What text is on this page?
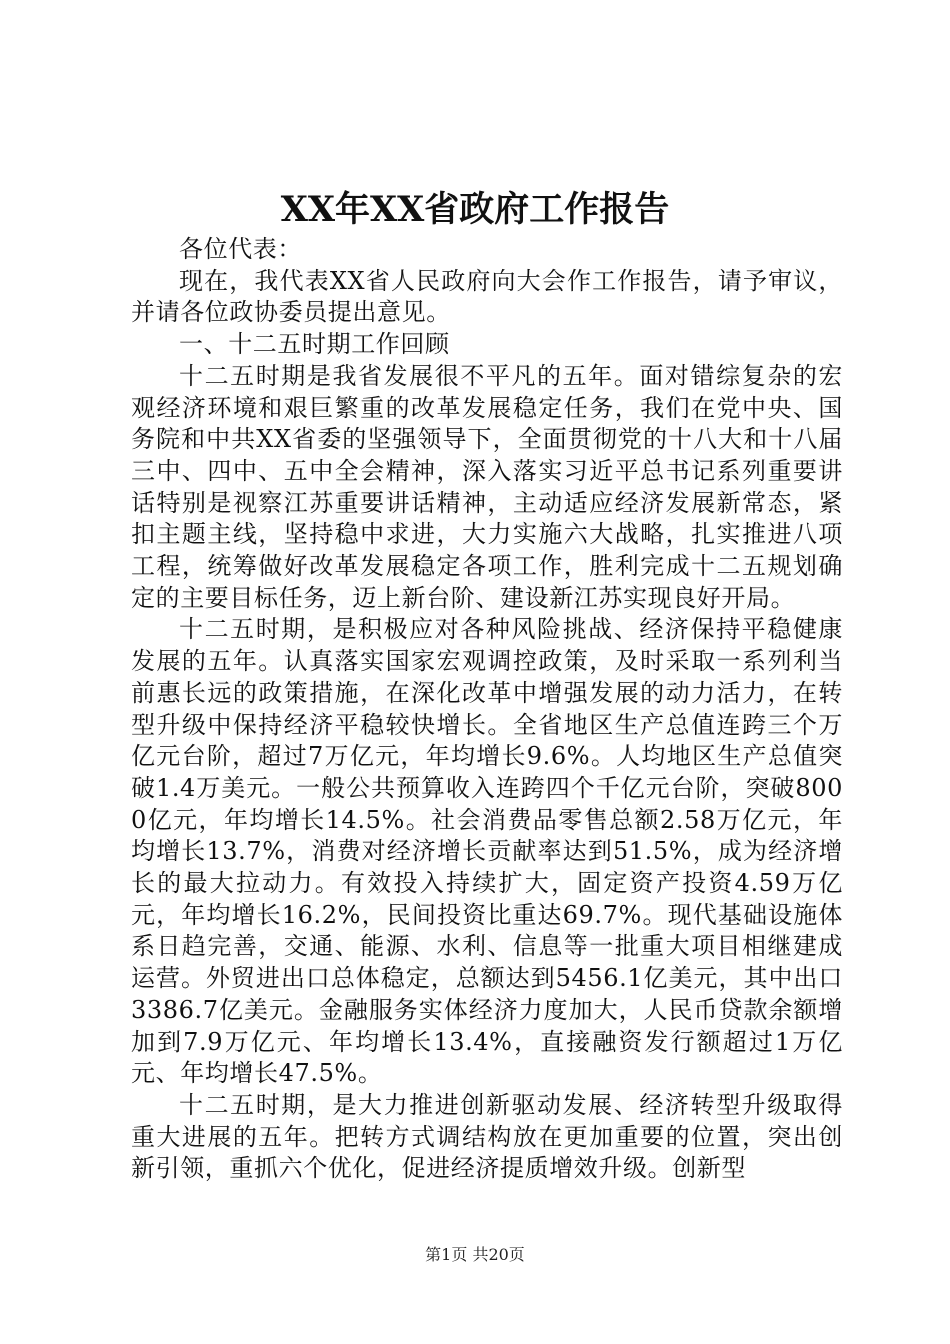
XX年XX省政府工作报告

各位代表：

现在，我代表XX省人民政府向大会作工作报告，请予审议，并请各位政协委员提出意见。

一、十二五时期工作回顾

十二五时期是我省发展很不平凡的五年。面对错综复杂的宏观经济环境和艰巨繁重的改革发展稳定任务，我们在党中央、国务院和中共XX省委的坚强领导下，全面贯彻党的十八大和十八届三中、四中、五中全会精神，深入落实习近平总书记系列重要讲话特别是视察江苏重要讲话精神，主动适应经济发展新常态，紧扣主题主线，坚持稳中求进，大力实施六大战略，扎实推进八项工程，统筹做好改革发展稳定各项工作，胜利完成十二五规划确定的主要目标任务，迈上新台阶、建设新江苏实现良好开局。

十二五时期，是积极应对各种风险挑战、经济保持平稳健康发展的五年。认真落实国家宏观调控政策，及时采取一系列利当前惠长远的政策措施，在深化改革中增强发展的动力活力，在转型升级中保持经济平稳较快增长。全省地区生产总值连跨三个万亿元台阶，超过7万亿元，年均增长9.6%。人均地区生产总值突破1.4万美元。一般公共预算收入连跨四个千亿元台阶，突破8000亿元，年均增长14.5%。社会消费品零售总额2.58万亿元，年均增长13.7%，消费对经济增长贡献率达到51.5%，成为经济增长的最大拉动力。有效投入持续扩大，固定资产投资4.59万亿元，年均增长16.2%，民间投资比重达69.7%。现代基础设施体系日趋完善，交通、能源、水利、信息等一批重大项目相继建成运营。外贸进出口总体稳定，总额达到5456.1亿美元，其中出口3386.7亿美元。金融服务实体经济力度加大，人民币贷款余额增加到7.9万亿元、年均增长13.4%，直接融资发行额超过1万亿元、年均增长47.5%。

十二五时期，是大力推进创新驱动发展、经济转型升级取得重大进展的五年。把转方式调结构放在更加重要的位置，突出创新引领，重抓六个优化，促进经济提质增效升级。创新型

第1页 共20页
